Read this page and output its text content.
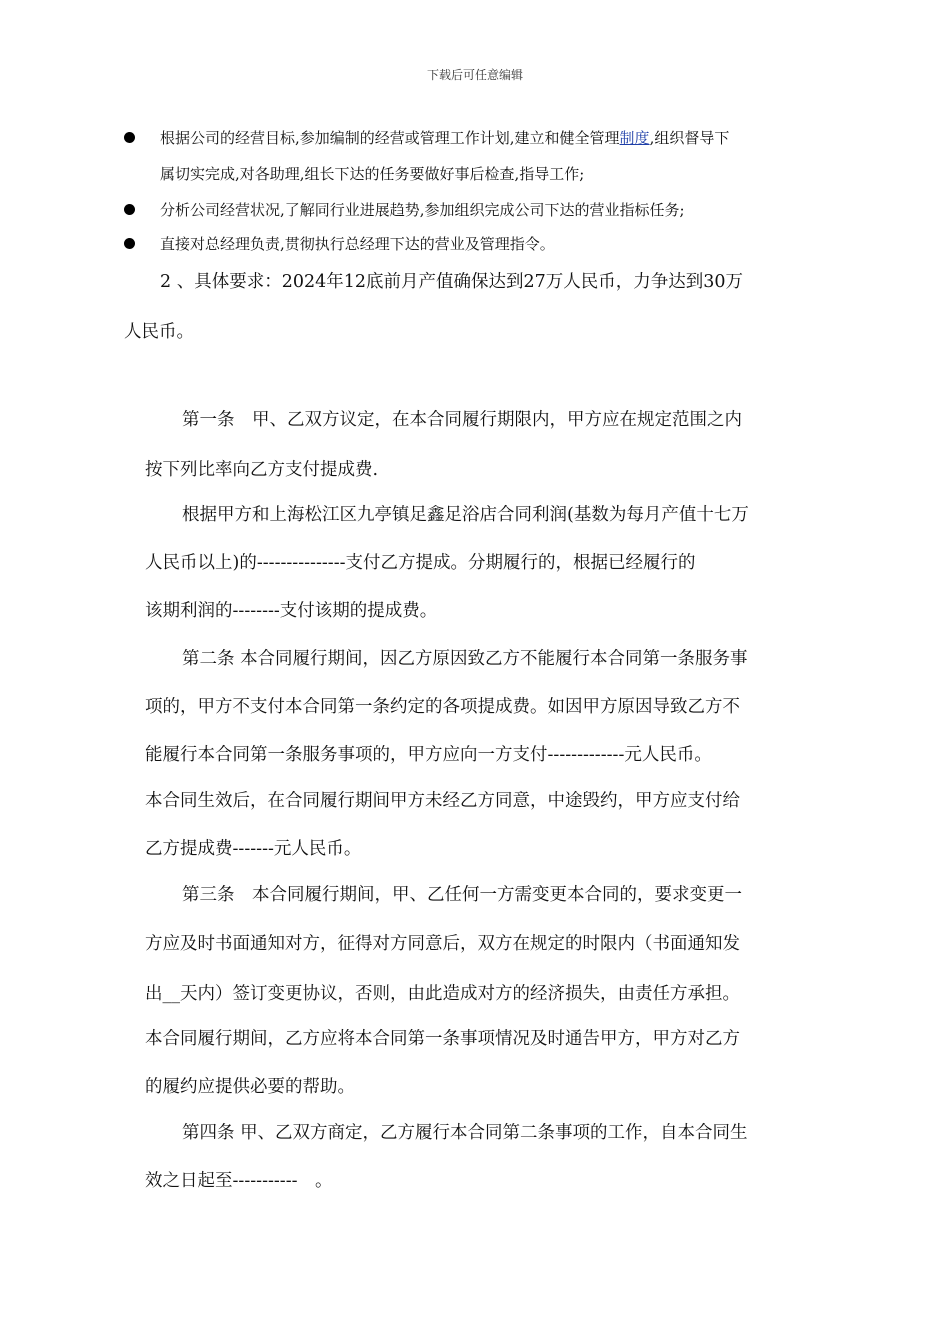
下载后可任意编辑
根据公司的经营目标,参加编制的经营或管理工作计划,建立和健全管理制度,组织督导下
属切实完成,对各助理,组长下达的任务要做好事后检查,指导工作;
分析公司经营状况,了解同行业进展趋势,参加组织完成公司下达的营业指标任务;
直接对总经理负责,贯彻执行总经理下达的营业及管理指令。
2 、具体要求：2024年12底前月产值确保达到27万人民币，力争达到30万
人民币。
第一条　甲、乙双方议定，在本合同履行期限内，甲方应在规定范围之内
按下列比率向乙方支付提成费.
根据甲方和上海松江区九亭镇足鑫足浴店合同利润(基数为每月产值十七万
人民币以上)的---------------支付乙方提成。分期履行的，根据已经履行的
该期利润的--------支付该期的提成费。
第二条 本合同履行期间，因乙方原因致乙方不能履行本合同第一条服务事
项的，甲方不支付本合同第一条约定的各项提成费。如因甲方原因导致乙方不
能履行本合同第一条服务事项的，甲方应向一方支付-------------元人民币。
本合同生效后，在合同履行期间甲方未经乙方同意，中途毁约，甲方应支付给
乙方提成费-------元人民币。
第三条　本合同履行期间，甲、乙任何一方需变更本合同的，要求变更一
方应及时书面通知对方，征得对方同意后，双方在规定的时限内（书面通知发
出__天内）签订变更协议，否则，由此造成对方的经济损失，由责任方承担。
本合同履行期间，乙方应将本合同第一条事项情况及时通告甲方，甲方对乙方
的履约应提供必要的帮助。
第四条 甲、乙双方商定，乙方履行本合同第二条事项的工作，自本合同生
效之日起至-----------　。
